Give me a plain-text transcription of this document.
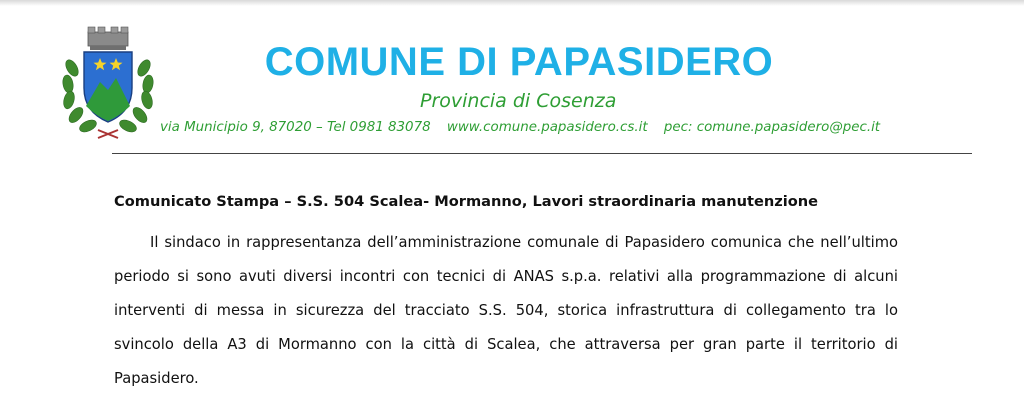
COMUNE DI PAPASIDERO
Provincia di Cosenza
via Municipio 9, 87020 – Tel 0981 83078 www.comune.papasidero.cs.it pec: comune.papasidero@pec.it
Comunicato Stampa – S.S. 504 Scalea- Mormanno, Lavori straordinaria manutenzione

Il sindaco in rappresentanza dell’amministrazione comunale di Papasidero comunica che nell’ultimo periodo si sono avuti diversi incontri con tecnici di ANAS s.p.a. relativi alla programmazione di alcuni interventi di messa in sicurezza del tracciato S.S. 504, storica infrastruttura di collegamento tra lo svincolo della A3 di Mormanno con la città di Scalea, che attraversa per gran parte il territorio di Papasidero.
